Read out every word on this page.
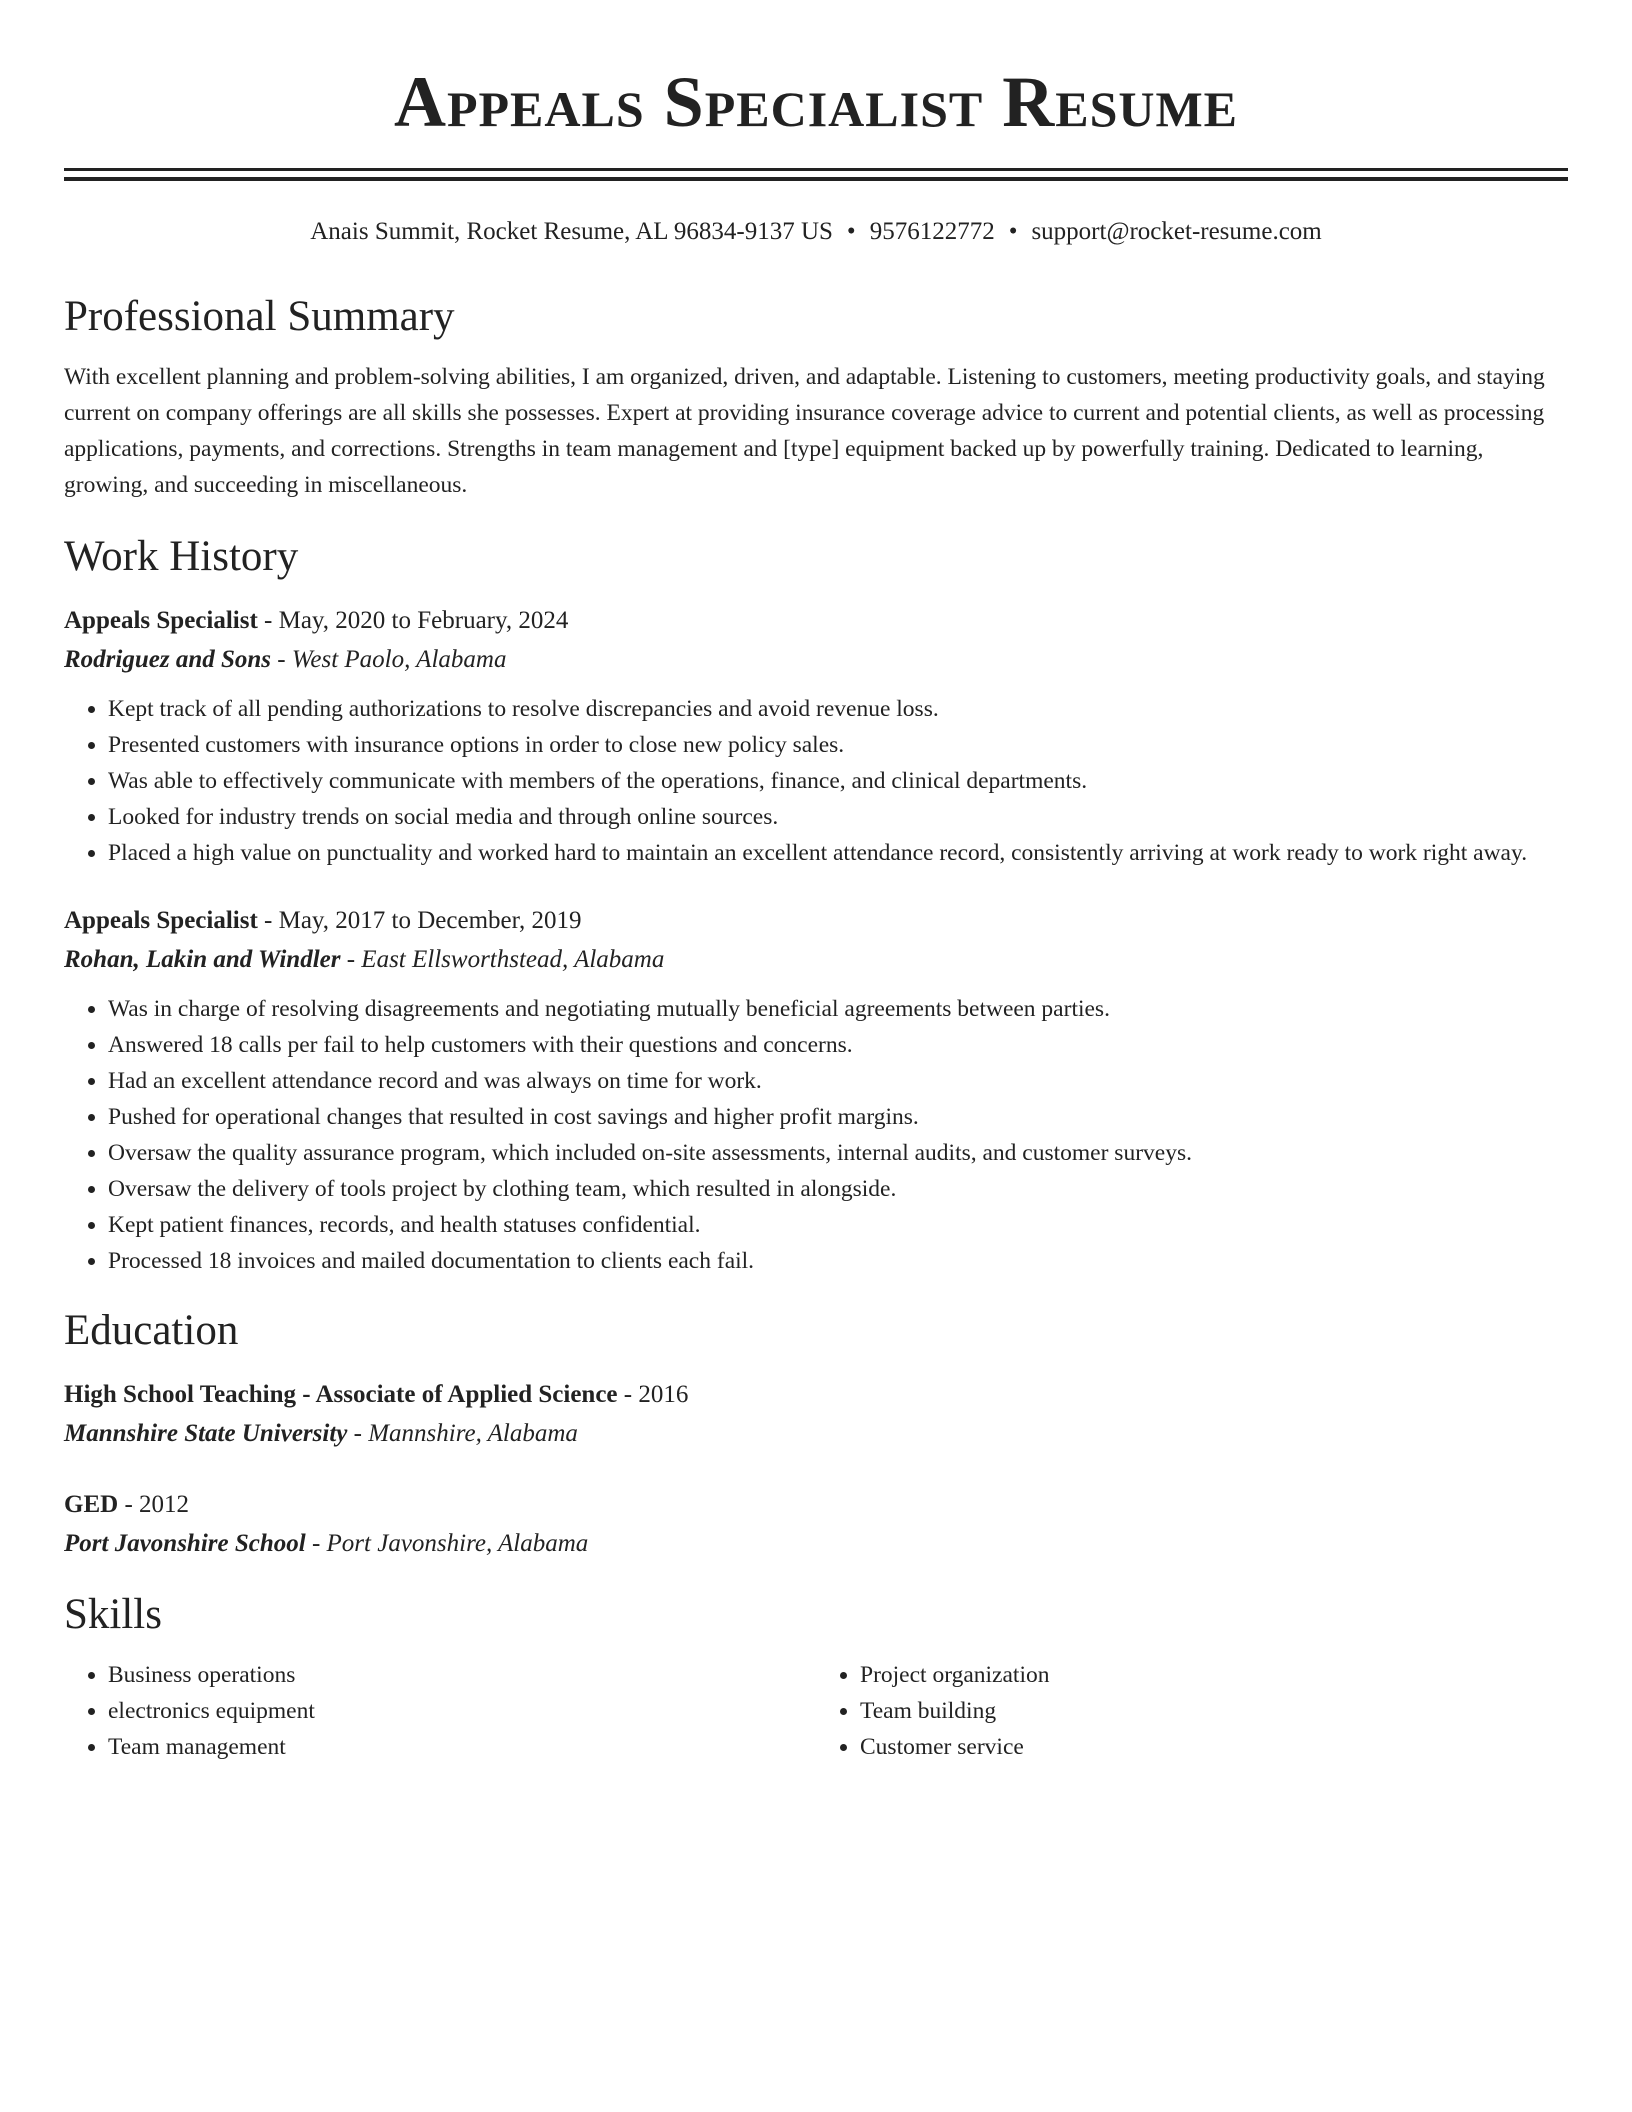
Appeals Specialist Resume
Anais Summit, Rocket Resume, AL 96834-9137 US • 9576122772 • support@rocket-resume.com
Professional Summary

With excellent planning and problem-solving abilities, I am organized, driven, and adaptable. Listening to customers, meeting productivity goals, and staying current on company offerings are all skills she possesses. Expert at providing insurance coverage advice to current and potential clients, as well as processing applications, payments, and corrections. Strengths in team management and [type] equipment backed up by powerfully training. Dedicated to learning, growing, and succeeding in miscellaneous.

Work History
Appeals Specialist - May, 2020 to February, 2024
Rodriguez and Sons - West Paolo, Alabama
• Kept track of all pending authorizations to resolve discrepancies and avoid revenue loss.
• Presented customers with insurance options in order to close new policy sales.
• Was able to effectively communicate with members of the operations, finance, and clinical departments.
• Looked for industry trends on social media and through online sources.
• Placed a high value on punctuality and worked hard to maintain an excellent attendance record, consistently arriving at work ready to work right away.
Appeals Specialist - May, 2017 to December, 2019
Rohan, Lakin and Windler - East Ellsworthstead, Alabama
• Was in charge of resolving disagreements and negotiating mutually beneficial agreements between parties.
• Answered 18 calls per fail to help customers with their questions and concerns.
• Had an excellent attendance record and was always on time for work.
• Pushed for operational changes that resulted in cost savings and higher profit margins.
• Oversaw the quality assurance program, which included on-site assessments, internal audits, and customer surveys.
• Oversaw the delivery of tools project by clothing team, which resulted in alongside.
• Kept patient finances, records, and health statuses confidential.
• Processed 18 invoices and mailed documentation to clients each fail.
Education
High School Teaching - Associate of Applied Science - 2016
Mannshire State University - Mannshire, Alabama
GED - 2012
Port Javonshire School - Port Javonshire, Alabama
Skills
• Business operations
• electronics equipment
• Team management
• Project organization
• Team building
• Customer service
